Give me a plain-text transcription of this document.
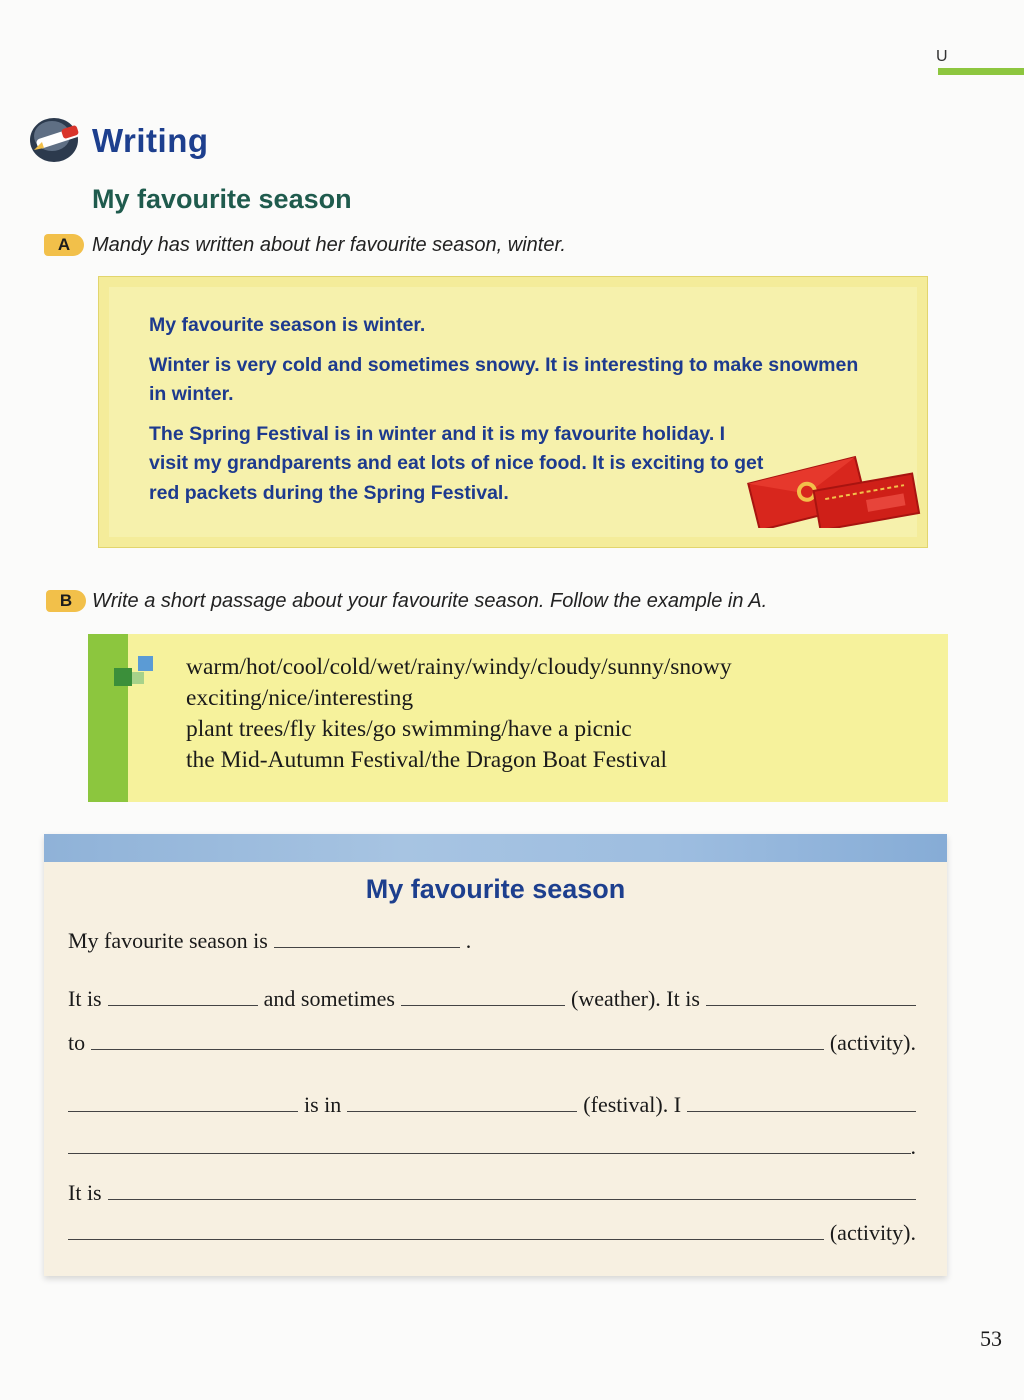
U
Writing
My favourite season
A	Mandy has written about her favourite season, winter.

My favourite season is winter.

Winter is very cold and sometimes snowy. It is interesting to make snowmen in winter.

The Spring Festival is in winter and it is my favourite holiday. I visit my grandparents and eat lots of nice food. It is exciting to get red packets during the Spring Festival.

B Write a short passage about your favourite season. Follow the example in A.
warm/hot/cool/cold/wet/rainy/windy/cloudy/sunny/snowy
exciting/nice/interesting
plant trees/fly kites/go swimming/have a picnic
the Mid-Autumn Festival/the Dragon Boat Festival
My favourite season
My favourite season is	.
It is	and sometimes	(weather). It is
to	(activity).
is in	(festival). I
.
It is
(activity).
53
